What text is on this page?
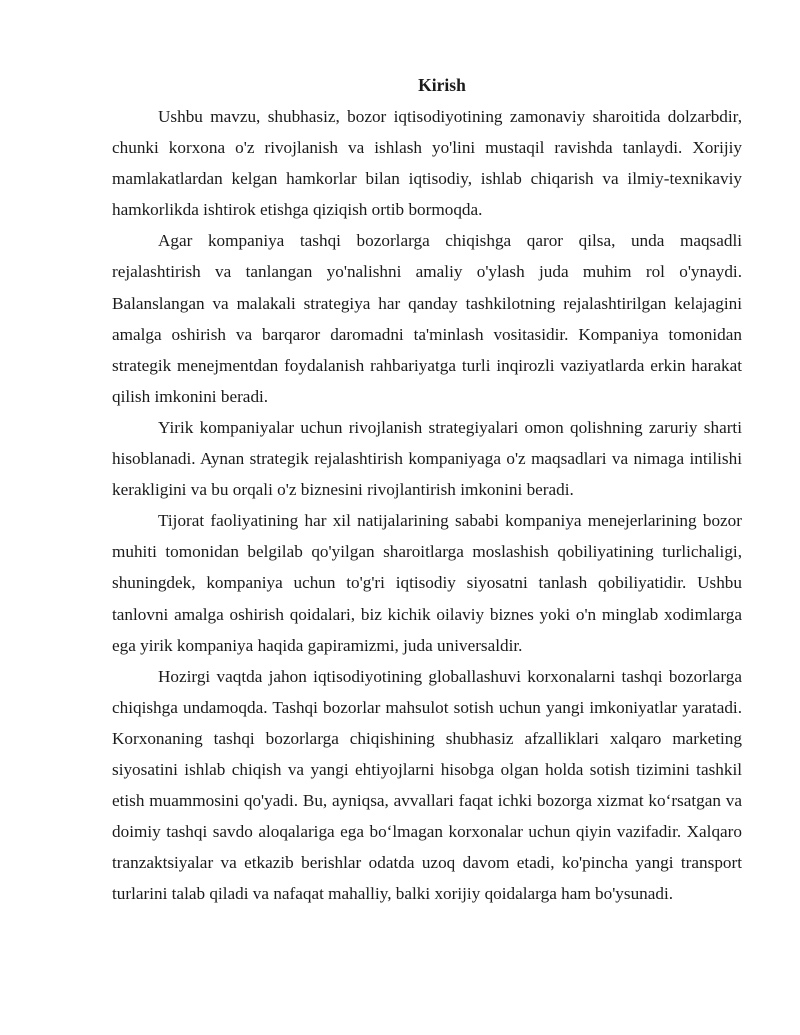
Kirish

Ushbu mavzu, shubhasiz, bozor iqtisodiyotining zamonaviy sharoitida dolzarbdir, chunki korxona o'z rivojlanish va ishlash yo'lini mustaqil ravishda tanlaydi. Xorijiy mamlakatlardan kelgan hamkorlar bilan iqtisodiy, ishlab chiqarish va ilmiy-texnikaviy hamkorlikda ishtirok etishga qiziqish ortib bormoqda.

Agar kompaniya tashqi bozorlarga chiqishga qaror qilsa, unda maqsadli rejalashtirish va tanlangan yo'nalishni amaliy o'ylash juda muhim rol o'ynaydi. Balanslangan va malakali strategiya har qanday tashkilotning rejalashtirilgan kelajagini amalga oshirish va barqaror daromadni ta'minlash vositasidir. Kompaniya tomonidan strategik menejmentdan foydalanish rahbariyatga turli inqirozli vaziyatlarda erkin harakat qilish imkonini beradi.

Yirik kompaniyalar uchun rivojlanish strategiyalari omon qolishning zaruriy sharti hisoblanadi. Aynan strategik rejalashtirish kompaniyaga o'z maqsadlari va nimaga intilishi kerakligini va bu orqali o'z biznesini rivojlantirish imkonini beradi.

Tijorat faoliyatining har xil natijalarining sababi kompaniya menejerlarining bozor muhiti tomonidan belgilab qo'yilgan sharoitlarga moslashish qobiliyatining turlichaligi, shuningdek, kompaniya uchun to'g'ri iqtisodiy siyosatni tanlash qobiliyatidir. Ushbu tanlovni amalga oshirish qoidalari, biz kichik oilaviy biznes yoki o'n minglab xodimlarga ega yirik kompaniya haqida gapiramizmi, juda universaldir.

Hozirgi vaqtda jahon iqtisodiyotining globallashuvi korxonalarni tashqi bozorlarga chiqishga undamoqda. Tashqi bozorlar mahsulot sotish uchun yangi imkoniyatlar yaratadi. Korxonaning tashqi bozorlarga chiqishining shubhasiz afzalliklari xalqaro marketing siyosatini ishlab chiqish va yangi ehtiyojlarni hisobga olgan holda sotish tizimini tashkil etish muammosini qo'yadi. Bu, ayniqsa, avvallari faqat ichki bozorga xizmat ko‘rsatgan va doimiy tashqi savdo aloqalariga ega bo‘lmagan korxonalar uchun qiyin vazifadir. Xalqaro tranzaktsiyalar va etkazib berishlar odatda uzoq davom etadi, ko'pincha yangi transport turlarini talab qiladi va nafaqat mahalliy, balki xorijiy qoidalarga ham bo'ysunadi.
